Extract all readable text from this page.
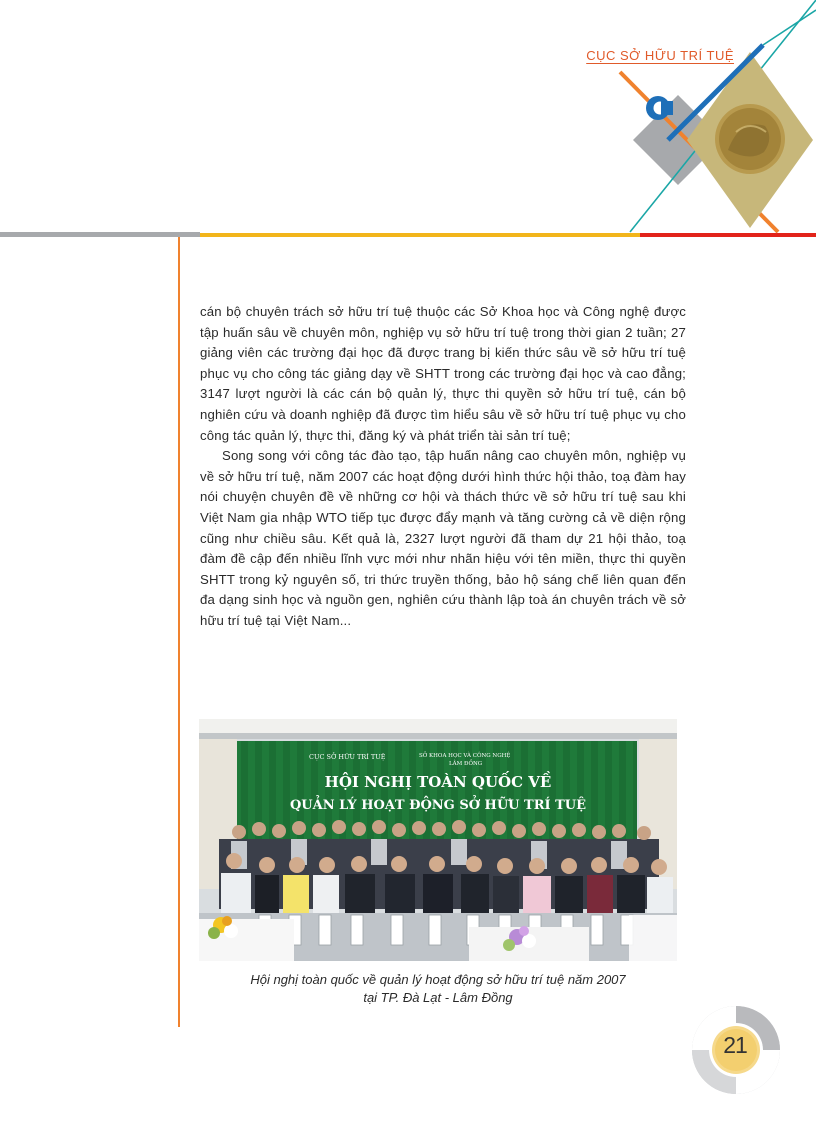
CỤC SỞ HỮU TRÍ TUỆ

cán bộ chuyên trách sở hữu trí tuệ thuộc các Sở Khoa học và Công nghệ được tập huấn sâu về chuyên môn, nghiệp vụ sở hữu trí tuệ trong thời gian 2 tuần; 27 giảng viên các trường đại học đã được trang bị kiến thức sâu về sở hữu trí tuệ phục vụ cho công tác giảng dạy về SHTT trong các trường đại học và cao đẳng; 3147 lượt người là các cán bộ quản lý, thực thi quyền sở hữu trí tuệ, cán bộ nghiên cứu và doanh nghiệp đã được tìm hiểu sâu về sở hữu trí tuệ phục vụ cho công tác quản lý, thực thi, đăng ký và phát triển tài sản trí tuệ;

Song song với công tác đào tạo, tập huấn nâng cao chuyên môn, nghiệp vụ về sở hữu trí tuệ, năm 2007 các hoạt động dưới hình thức hội thảo, toạ đàm hay nói chuyện chuyên đề về những cơ hội và thách thức về sở hữu trí tuệ sau khi Việt Nam gia nhập WTO tiếp tục được đẩy mạnh và tăng cường cả về diện rộng cũng như chiều sâu. Kết quả là, 2327 lượt người đã tham dự 21 hội thảo, toạ đàm đề cập đến nhiều lĩnh vực mới như nhãn hiệu với tên miền, thực thi quyền SHTT trong kỷ nguyên số, tri thức truyền thống, bảo hộ sáng chế liên quan đến đa dạng sinh học và nguồn gen, nghiên cứu thành lập toà án chuyên trách về sở hữu trí tuệ tại Việt Nam...

CỤC SỞ HỮU TRÍ TUỆ	SỞ KHOA HỌC VÀ CÔNG NGHỆ
LÂM ĐỒNG
HỘI NGHỊ TOÀN QUỐC VỀ
QUẢN LÝ HOẠT ĐỘNG SỞ HỮU TRÍ TUỆ
Hội nghị toàn quốc về quản lý hoạt động sở hữu trí tuệ năm 2007
tại TP. Đà Lạt - Lâm Đồng
21
